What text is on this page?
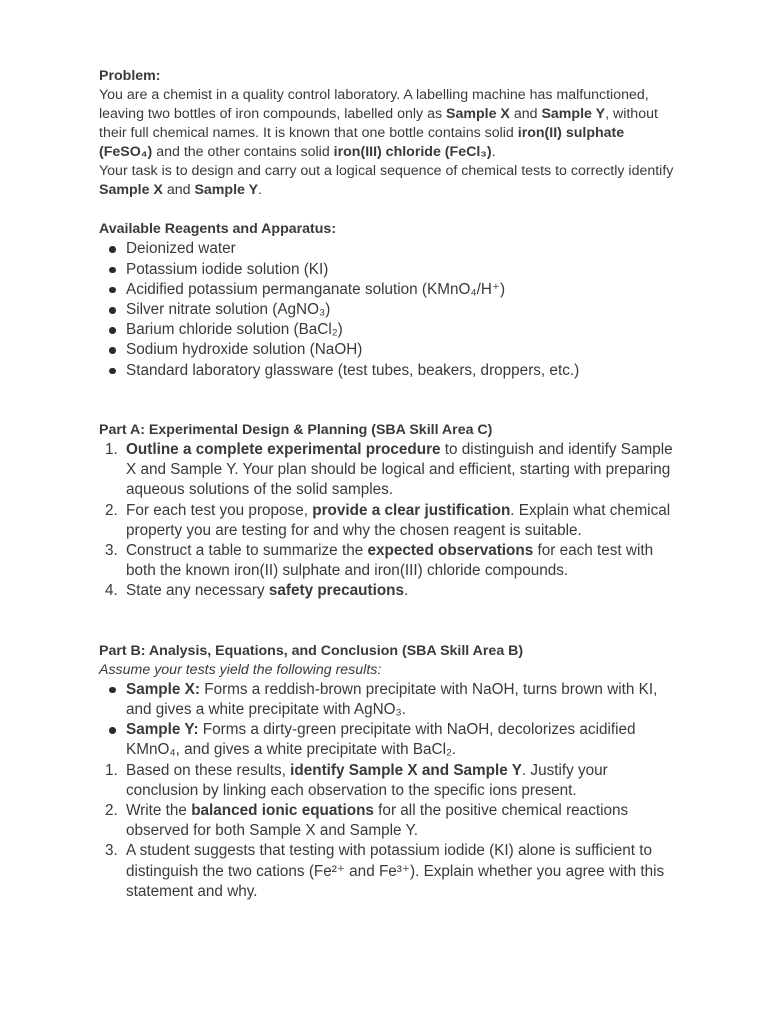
Problem:

You are a chemist in a quality control laboratory. A labelling machine has malfunctioned, leaving two bottles of iron compounds, labelled only as Sample X and Sample Y, without their full chemical names. It is known that one bottle contains solid iron(II) sulphate (FeSO₄) and the other contains solid iron(III) chloride (FeCl₃).

Your task is to design and carry out a logical sequence of chemical tests to correctly identify Sample X and Sample Y.

Available Reagents and Apparatus:
Deionized water
Potassium iodide solution (KI)
Acidified potassium permanganate solution (KMnO₄/H⁺)
Silver nitrate solution (AgNO₃)
Barium chloride solution (BaCl₂)
Sodium hydroxide solution (NaOH)
Standard laboratory glassware (test tubes, beakers, droppers, etc.)
Part A: Experimental Design & Planning (SBA Skill Area C)
1. Outline a complete experimental procedure to distinguish and identify Sample X and Sample Y. Your plan should be logical and efficient, starting with preparing aqueous solutions of the solid samples.
2. For each test you propose, provide a clear justification. Explain what chemical property you are testing for and why the chosen reagent is suitable.
3. Construct a table to summarize the expected observations for each test with both the known iron(II) sulphate and iron(III) chloride compounds.
4. State any necessary safety precautions.
Part B: Analysis, Equations, and Conclusion (SBA Skill Area B)
Assume your tests yield the following results:
Sample X: Forms a reddish-brown precipitate with NaOH, turns brown with KI, and gives a white precipitate with AgNO₃.
Sample Y: Forms a dirty-green precipitate with NaOH, decolorizes acidified KMnO₄, and gives a white precipitate with BaCl₂.
1. Based on these results, identify Sample X and Sample Y. Justify your conclusion by linking each observation to the specific ions present.
2. Write the balanced ionic equations for all the positive chemical reactions observed for both Sample X and Sample Y.
3. A student suggests that testing with potassium iodide (KI) alone is sufficient to distinguish the two cations (Fe²⁺ and Fe³⁺). Explain whether you agree with this statement and why.
